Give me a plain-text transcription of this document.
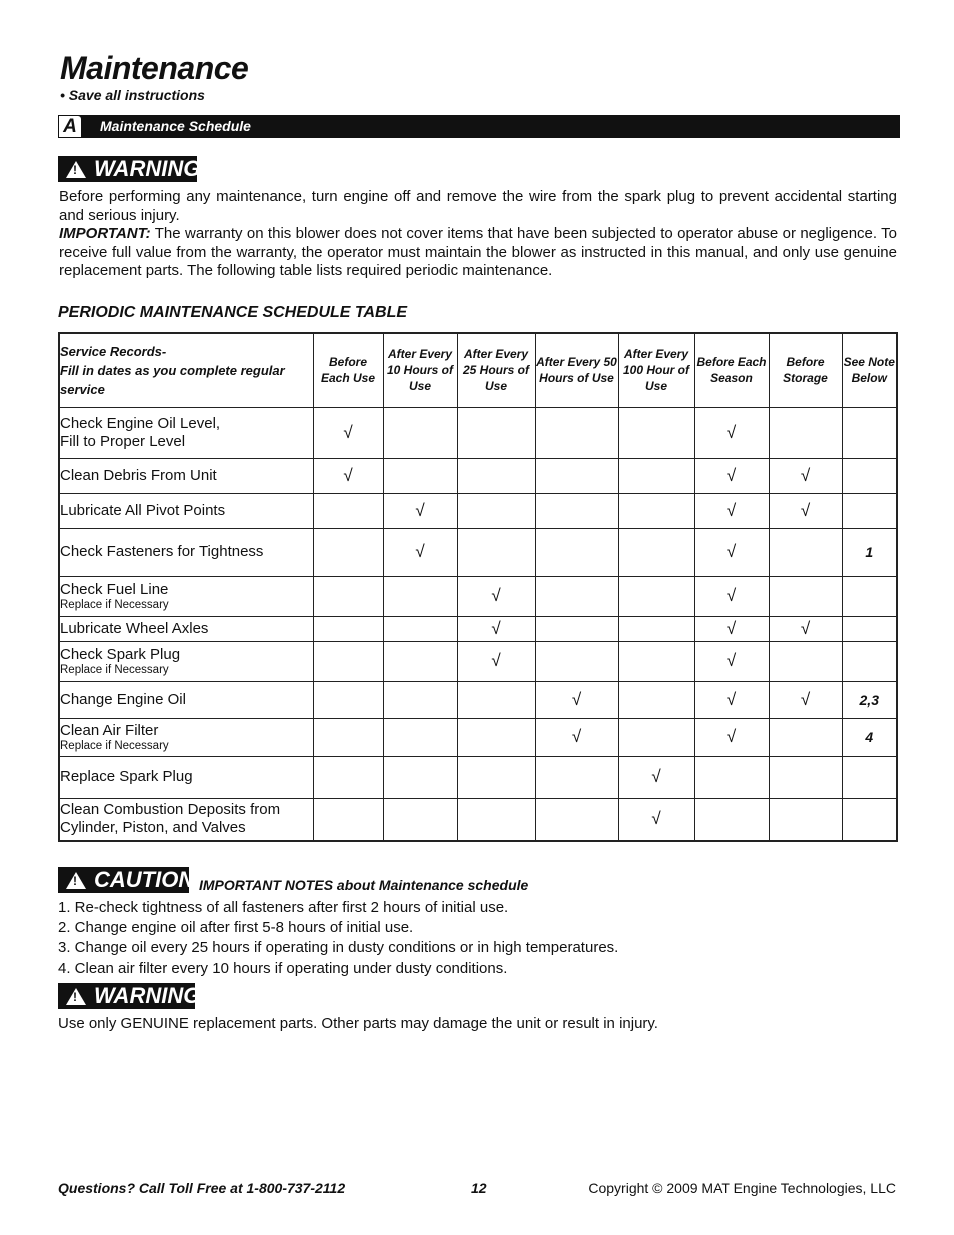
Maintenance
• Save all instructions
A	Maintenance Schedule
! WARNING
Before performing any maintenance, turn engine off and remove the wire from the spark plug to prevent accidental starting and serious injury.
IMPORTANT: The warranty on this blower does not cover items that have been subjected to operator abuse or negligence. To receive full value from the warranty, the operator must maintain the blower as instructed in this manual, and only use genuine replacement parts. The following table lists required periodic maintenance.
PERIODIC MAINTENANCE SCHEDULE TABLE
Service Records-
Fill in dates as you complete regular service	Before Each Use	After Every 10 Hours of Use	After Every 25 Hours of Use	After Every 50 Hours of Use	After Every 100 Hour of Use	Before Each Season	Before Storage	See Note Below
Check Engine Oil Level,
Fill to Proper Level	√					√		
Clean Debris From Unit	√					√	√	
Lubricate All Pivot Points		√				√	√	
Check Fasteners for Tightness		√				√		1
Check Fuel Line
Replace if Necessary			√			√		
Lubricate Wheel Axles			√			√	√	
Check Spark Plug
Replace if Necessary			√			√		
Change Engine Oil				√		√	√	2,3
Clean Air Filter
Replace if Necessary				√		√		4
Replace Spark Plug					√			
Clean Combustion Deposits from
Cylinder, Piston, and Valves					√			
! CAUTION IMPORTANT NOTES about Maintenance schedule
1. Re-check tightness of all fasteners after first 2 hours of initial use.
2. Change engine oil after first 5-8 hours of initial use.
3. Change oil every 25 hours if operating in dusty conditions or in high temperatures.
4. Clean air filter every 10 hours if operating under dusty conditions.
! WARNING
Use only GENUINE replacement parts. Other parts may damage the unit or result in injury.
Questions? Call Toll Free at 1-800-737-2112	12	Copyright © 2009 MAT Engine Technologies, LLC
